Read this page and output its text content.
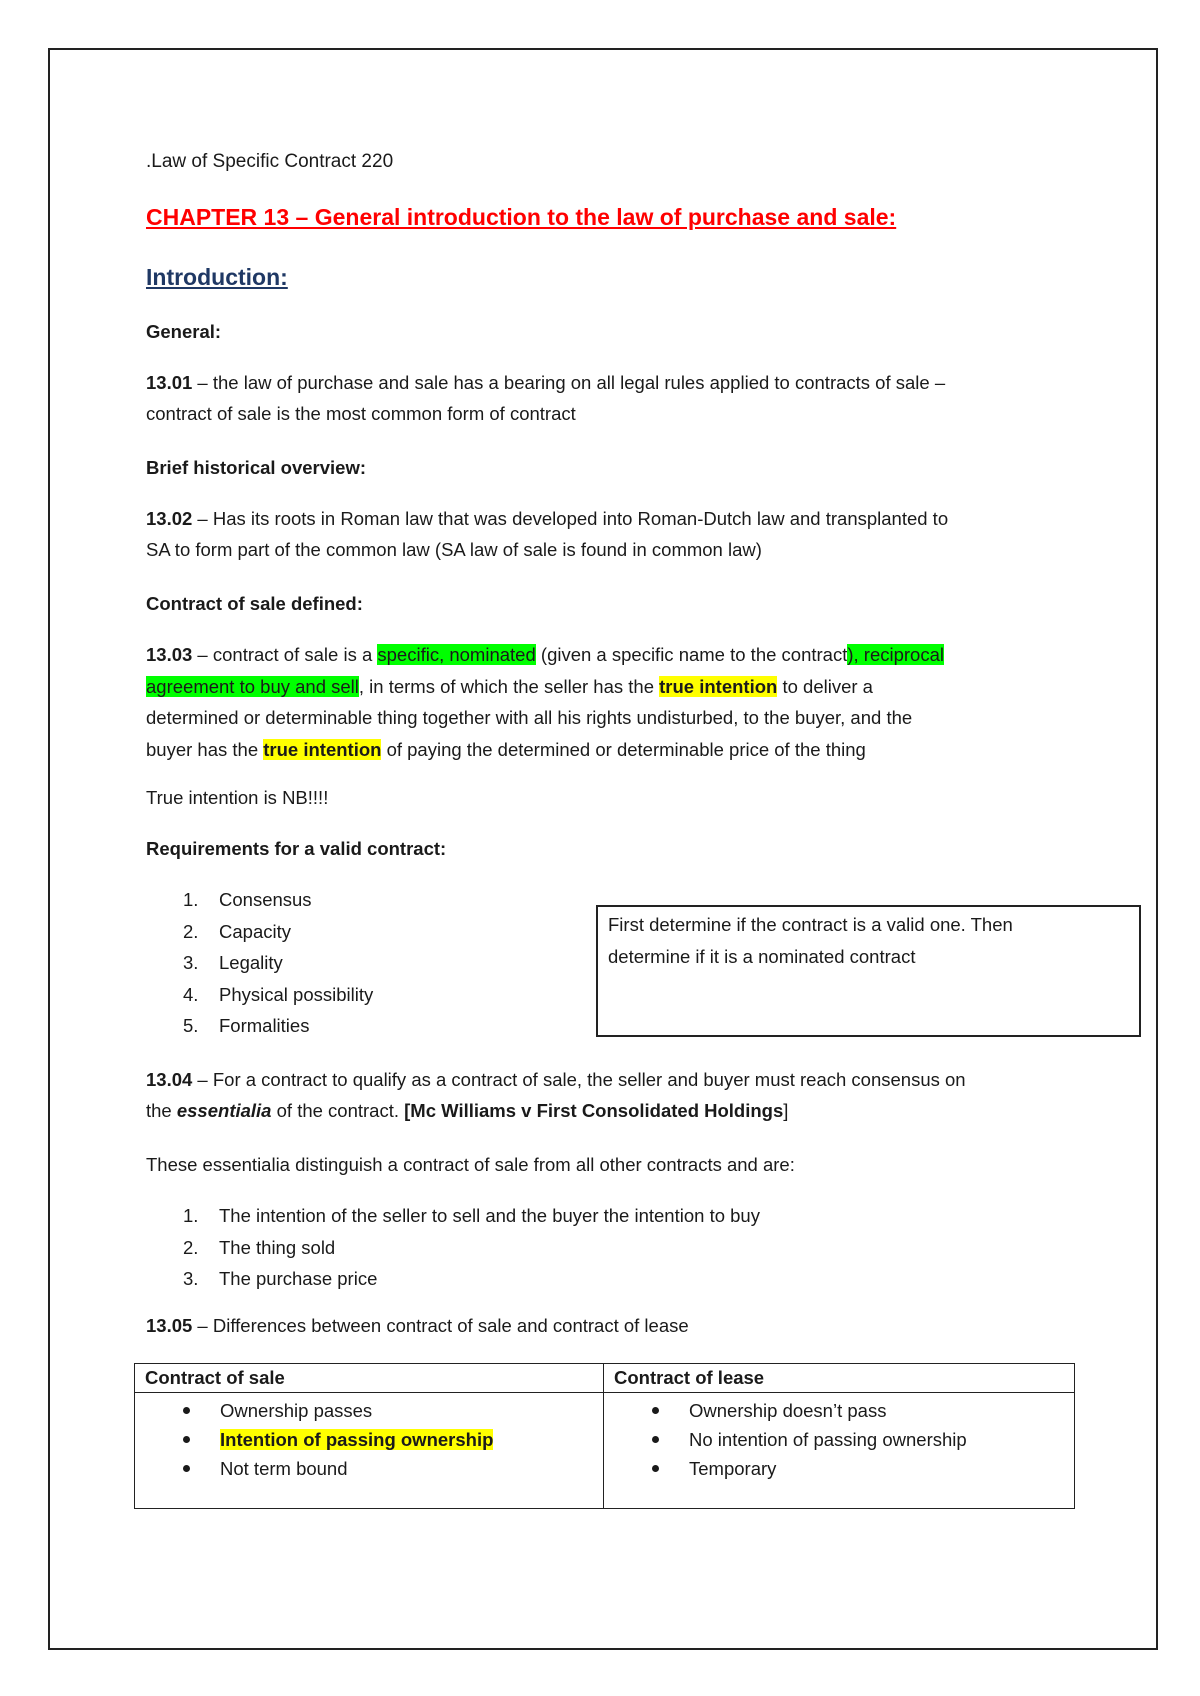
.Law of Specific Contract 220

CHAPTER 13 – General introduction to the law of purchase and sale:

Introduction:

General:

13.01 – the law of purchase and sale has a bearing on all legal rules applied to contracts of sale –
contract of sale is the most common form of contract

Brief historical overview:

13.02 – Has its roots in Roman law that was developed into Roman-Dutch law and transplanted to
SA to form part of the common law (SA law of sale is found in common law)

Contract of sale defined:

13.03 – contract of sale is a specific, nominated (given a specific name to the contract), reciprocal
agreement to buy and sell, in terms of which the seller has the true intention to deliver a
determined or determinable thing together with all his rights undisturbed, to the buyer, and the
buyer has the true intention of paying the determined or determinable price of the thing

True intention is NB!!!!

Requirements for a valid contract:

1. Consensus
2. Capacity
3. Legality
4. Physical possibility
5. Formalities
First determine if the contract is a valid one. Then
determine if it is a nominated contract
13.04 – For a contract to qualify as a contract of sale, the seller and buyer must reach consensus on
the essentialia of the contract. [Mc Williams v First Consolidated Holdings]

These essentialia distinguish a contract of sale from all other contracts and are:

1. The intention of the seller to sell and the buyer the intention to buy
2. The thing sold
3. The purchase price
13.05 – Differences between contract of sale and contract of lease
Contract of sale	Contract of lease
Ownership passes
Intention of passing ownership
Not term bound
Ownership doesn’t pass
No intention of passing ownership
Temporary
